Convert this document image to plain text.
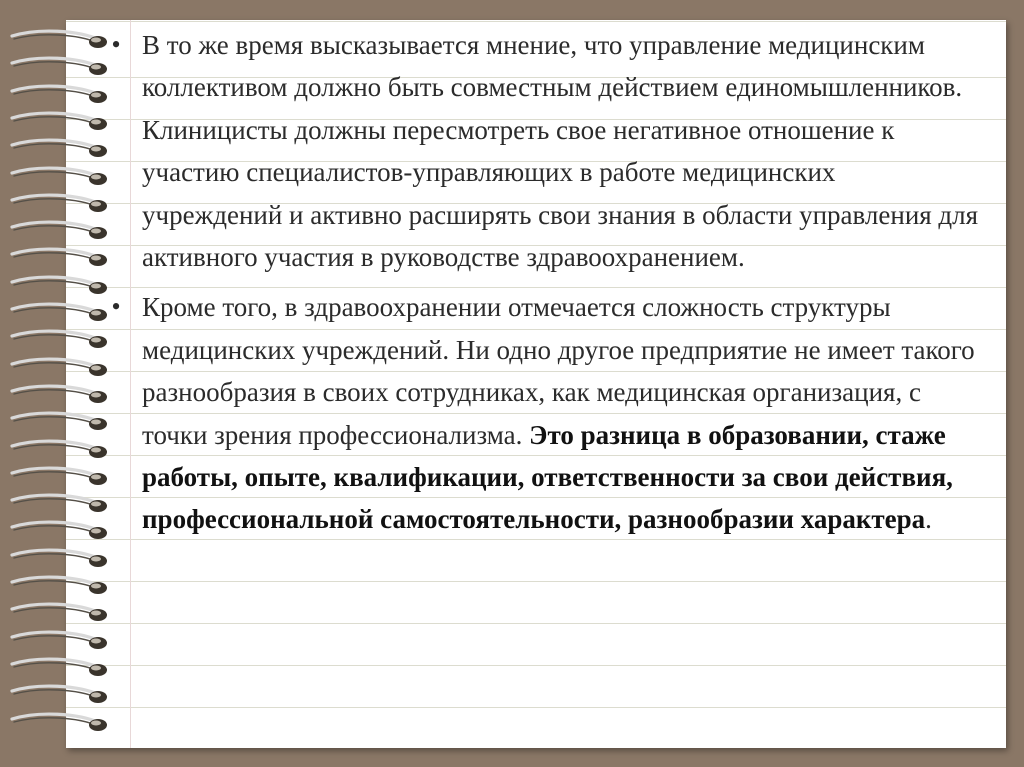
• В то же время высказывается мнение, что управление медицинским коллективом должно быть совместным действием единомышленников. Клиницисты должны пересмотреть свое негативное отношение к участию специалистов-управляющих в работе медицинских учреждений и активно расширять свои знания в области управления для активного участия в руководстве здравоохранением.
• Кроме того, в здравоохранении отмечается сложность структуры медицинских учреждений. Ни одно другое предприятие не имеет такого разнообразия в своих сотрудниках, как медицинская организация, с точки зрения профессионализма. Это разница в образовании, стаже работы, опыте, квалификации, ответственности за свои действия, профессиональной самостоятельности, разнообразии характера.
